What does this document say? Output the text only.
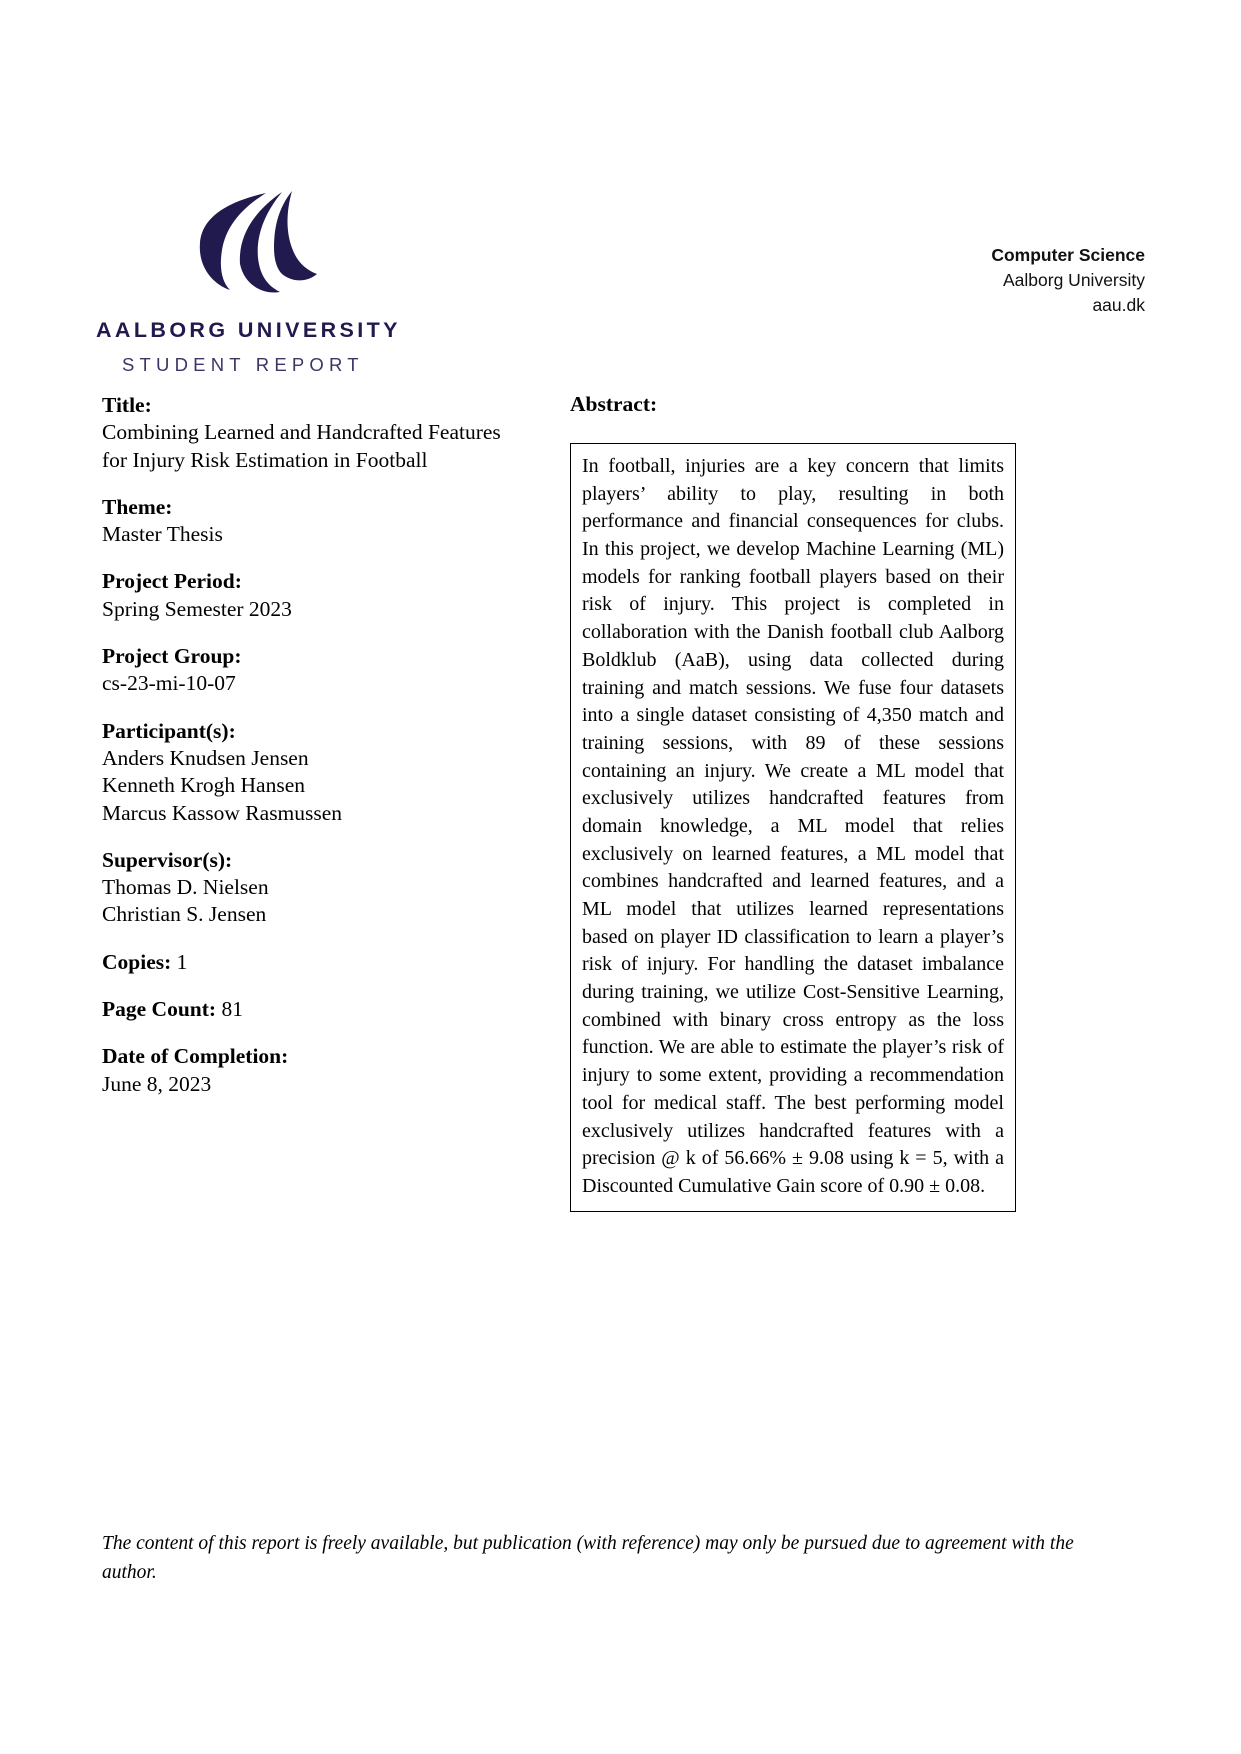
AALBORG UNIVERSITY
STUDENT REPORT
Computer Science
Aalborg University
aau.dk
Title:
Combining Learned and Handcrafted Features
for Injury Risk Estimation in Football
Theme:
Master Thesis
Project Period:
Spring Semester 2023
Project Group:
cs-23-mi-10-07
Participant(s):
Anders Knudsen Jensen
Kenneth Krogh Hansen
Marcus Kassow Rasmussen
Supervisor(s):
Thomas D. Nielsen
Christian S. Jensen
Copies: 1
Page Count: 81
Date of Completion:
June 8, 2023
Abstract:

In football, injuries are a key concern that limits players’ ability to play, resulting in both performance and financial consequences for clubs. In this project, we develop Machine Learning (ML) models for ranking football players based on their risk of injury. This project is completed in collaboration with the Danish football club Aalborg Boldklub (AaB), using data collected during training and match sessions. We fuse four datasets into a single dataset consisting of 4,350 match and training sessions, with 89 of these sessions containing an injury. We create a ML model that exclusively utilizes handcrafted features from domain knowledge, a ML model that relies exclusively on learned features, a ML model that combines handcrafted and learned features, and a ML model that utilizes learned representations based on player ID classification to learn a player’s risk of injury. For handling the dataset imbalance during training, we utilize Cost-Sensitive Learning, combined with binary cross entropy as the loss function. We are able to estimate the player’s risk of injury to some extent, providing a recommendation tool for medical staff. The best performing model exclusively utilizes handcrafted features with a precision @ k of 56.66% ± 9.08 using k = 5, with a Discounted Cumulative Gain score of 0.90 ± 0.08.

The content of this report is freely available, but publication (with reference) may only be pursued due to agreement with the author.
